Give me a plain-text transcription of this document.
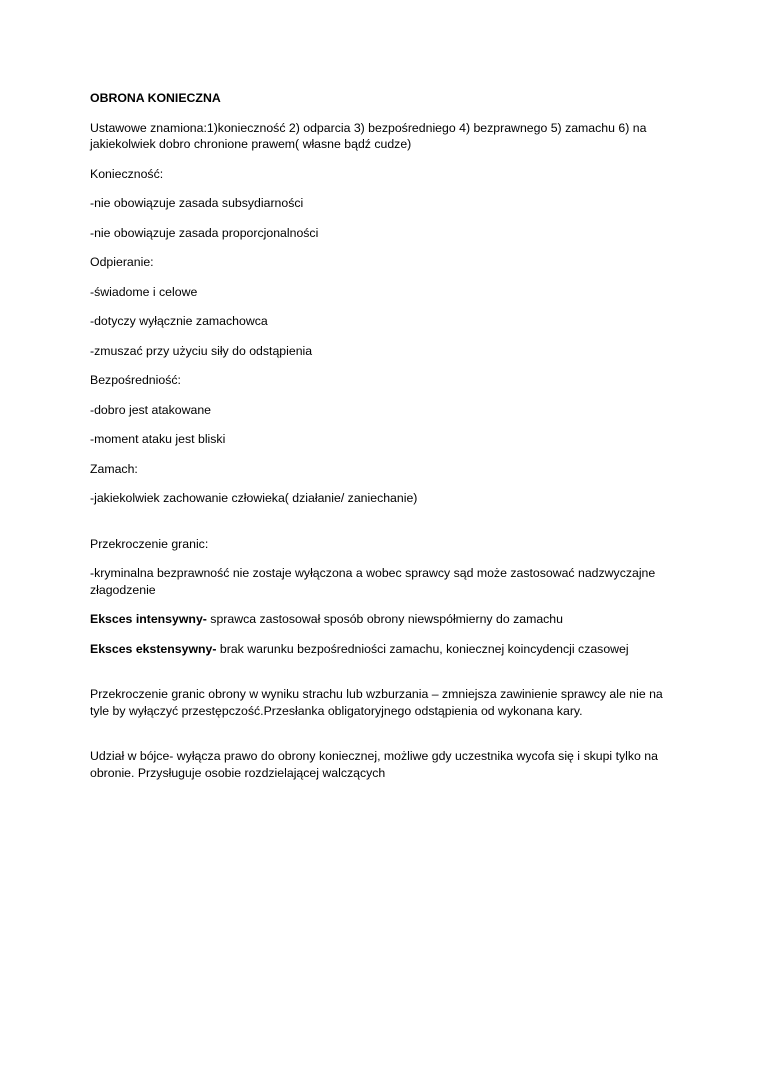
OBRONA KONIECZNA

Ustawowe znamiona:1)konieczność 2) odparcia 3) bezpośredniego 4) bezprawnego 5) zamachu 6) na jakiekolwiek dobro chronione prawem( własne bądź cudze)

Konieczność:

-nie obowiązuje zasada subsydiarności

-nie obowiązuje zasada proporcjonalności

Odpieranie:

-świadome i celowe

-dotyczy wyłącznie zamachowca

-zmuszać przy użyciu siły do odstąpienia

Bezpośredniość:

-dobro jest atakowane

-moment ataku jest bliski

Zamach:

-jakiekolwiek zachowanie człowieka( działanie/ zaniechanie)

Przekroczenie granic:

-kryminalna bezprawność nie zostaje wyłączona a wobec sprawcy sąd może zastosować nadzwyczajne złagodzenie

Eksces intensywny- sprawca zastosował sposób obrony niewspółmierny do zamachu

Eksces ekstensywny- brak warunku bezpośredniości zamachu, koniecznej koincydencji czasowej

Przekroczenie granic obrony w wyniku strachu lub wzburzania – zmniejsza zawinienie sprawcy ale nie na tyle by wyłączyć przestępczość.Przesłanka obligatoryjnego odstąpienia od wykonana kary.

Udział w bójce- wyłącza prawo do obrony koniecznej, możliwe gdy uczestnika wycofa się i skupi tylko na obronie. Przysługuje osobie rozdzielającej walczących
